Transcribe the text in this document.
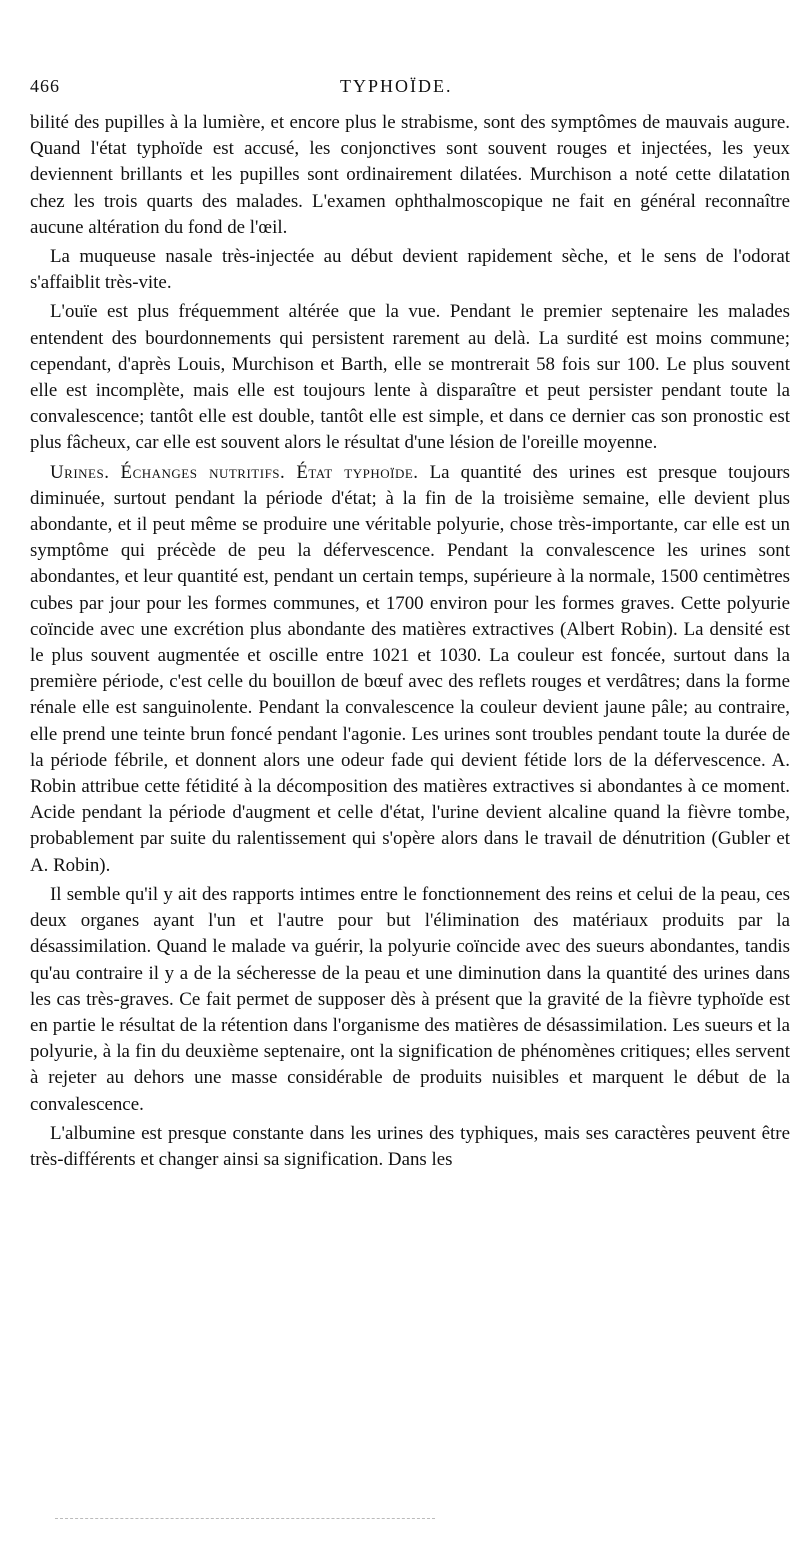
466	TYPHOÏDE.

bilité des pupilles à la lumière, et encore plus le strabisme, sont des symptômes de mauvais augure. Quand l'état typhoïde est accusé, les conjonctives sont souvent rouges et injectées, les yeux deviennent brillants et les pupilles sont ordinairement dilatées. Murchison a noté cette dilatation chez les trois quarts des malades. L'examen ophthalmoscopique ne fait en général reconnaître aucune altération du fond de l'œil.

La muqueuse nasale très-injectée au début devient rapidement sèche, et le sens de l'odorat s'affaiblit très-vite.

L'ouïe est plus fréquemment altérée que la vue. Pendant le premier septenaire les malades entendent des bourdonnements qui persistent rarement au delà. La surdité est moins commune; cependant, d'après Louis, Murchison et Barth, elle se montrerait 58 fois sur 100. Le plus souvent elle est incomplète, mais elle est toujours lente à disparaître et peut persister pendant toute la convalescence; tantôt elle est double, tantôt elle est simple, et dans ce dernier cas son pronostic est plus fâcheux, car elle est souvent alors le résultat d'une lésion de l'oreille moyenne.

Urines. Échanges nutritifs. État typhoïde. La quantité des urines est presque toujours diminuée, surtout pendant la période d'état; à la fin de la troisième semaine, elle devient plus abondante, et il peut même se produire une véritable polyurie, chose très-importante, car elle est un symptôme qui précède de peu la défervescence. Pendant la convalescence les urines sont abondantes, et leur quantité est, pendant un certain temps, supérieure à la normale, 1500 centimètres cubes par jour pour les formes communes, et 1700 environ pour les formes graves. Cette polyurie coïncide avec une excrétion plus abondante des matières extractives (Albert Robin). La densité est le plus souvent augmentée et oscille entre 1021 et 1030. La couleur est foncée, surtout dans la première période, c'est celle du bouillon de bœuf avec des reflets rouges et verdâtres; dans la forme rénale elle est sanguinolente. Pendant la convalescence la couleur devient jaune pâle; au contraire, elle prend une teinte brun foncé pendant l'agonie. Les urines sont troubles pendant toute la durée de la période fébrile, et donnent alors une odeur fade qui devient fétide lors de la défervescence. A. Robin attribue cette fétidité à la décomposition des matières extractives si abondantes à ce moment. Acide pendant la période d'augment et celle d'état, l'urine devient alcaline quand la fièvre tombe, probablement par suite du ralentissement qui s'opère alors dans le travail de dénutrition (Gubler et A. Robin).

Il semble qu'il y ait des rapports intimes entre le fonctionnement des reins et celui de la peau, ces deux organes ayant l'un et l'autre pour but l'élimination des matériaux produits par la désassimilation. Quand le malade va guérir, la polyurie coïncide avec des sueurs abondantes, tandis qu'au contraire il y a de la sécheresse de la peau et une diminution dans la quantité des urines dans les cas très-graves. Ce fait permet de supposer dès à présent que la gravité de la fièvre typhoïde est en partie le résultat de la rétention dans l'organisme des matières de désassimilation. Les sueurs et la polyurie, à la fin du deuxième septenaire, ont la signification de phénomènes critiques; elles servent à rejeter au dehors une masse considérable de produits nuisibles et marquent le début de la convalescence.

L'albumine est presque constante dans les urines des typhiques, mais ses caractères peuvent être très-différents et changer ainsi sa signification. Dans les
